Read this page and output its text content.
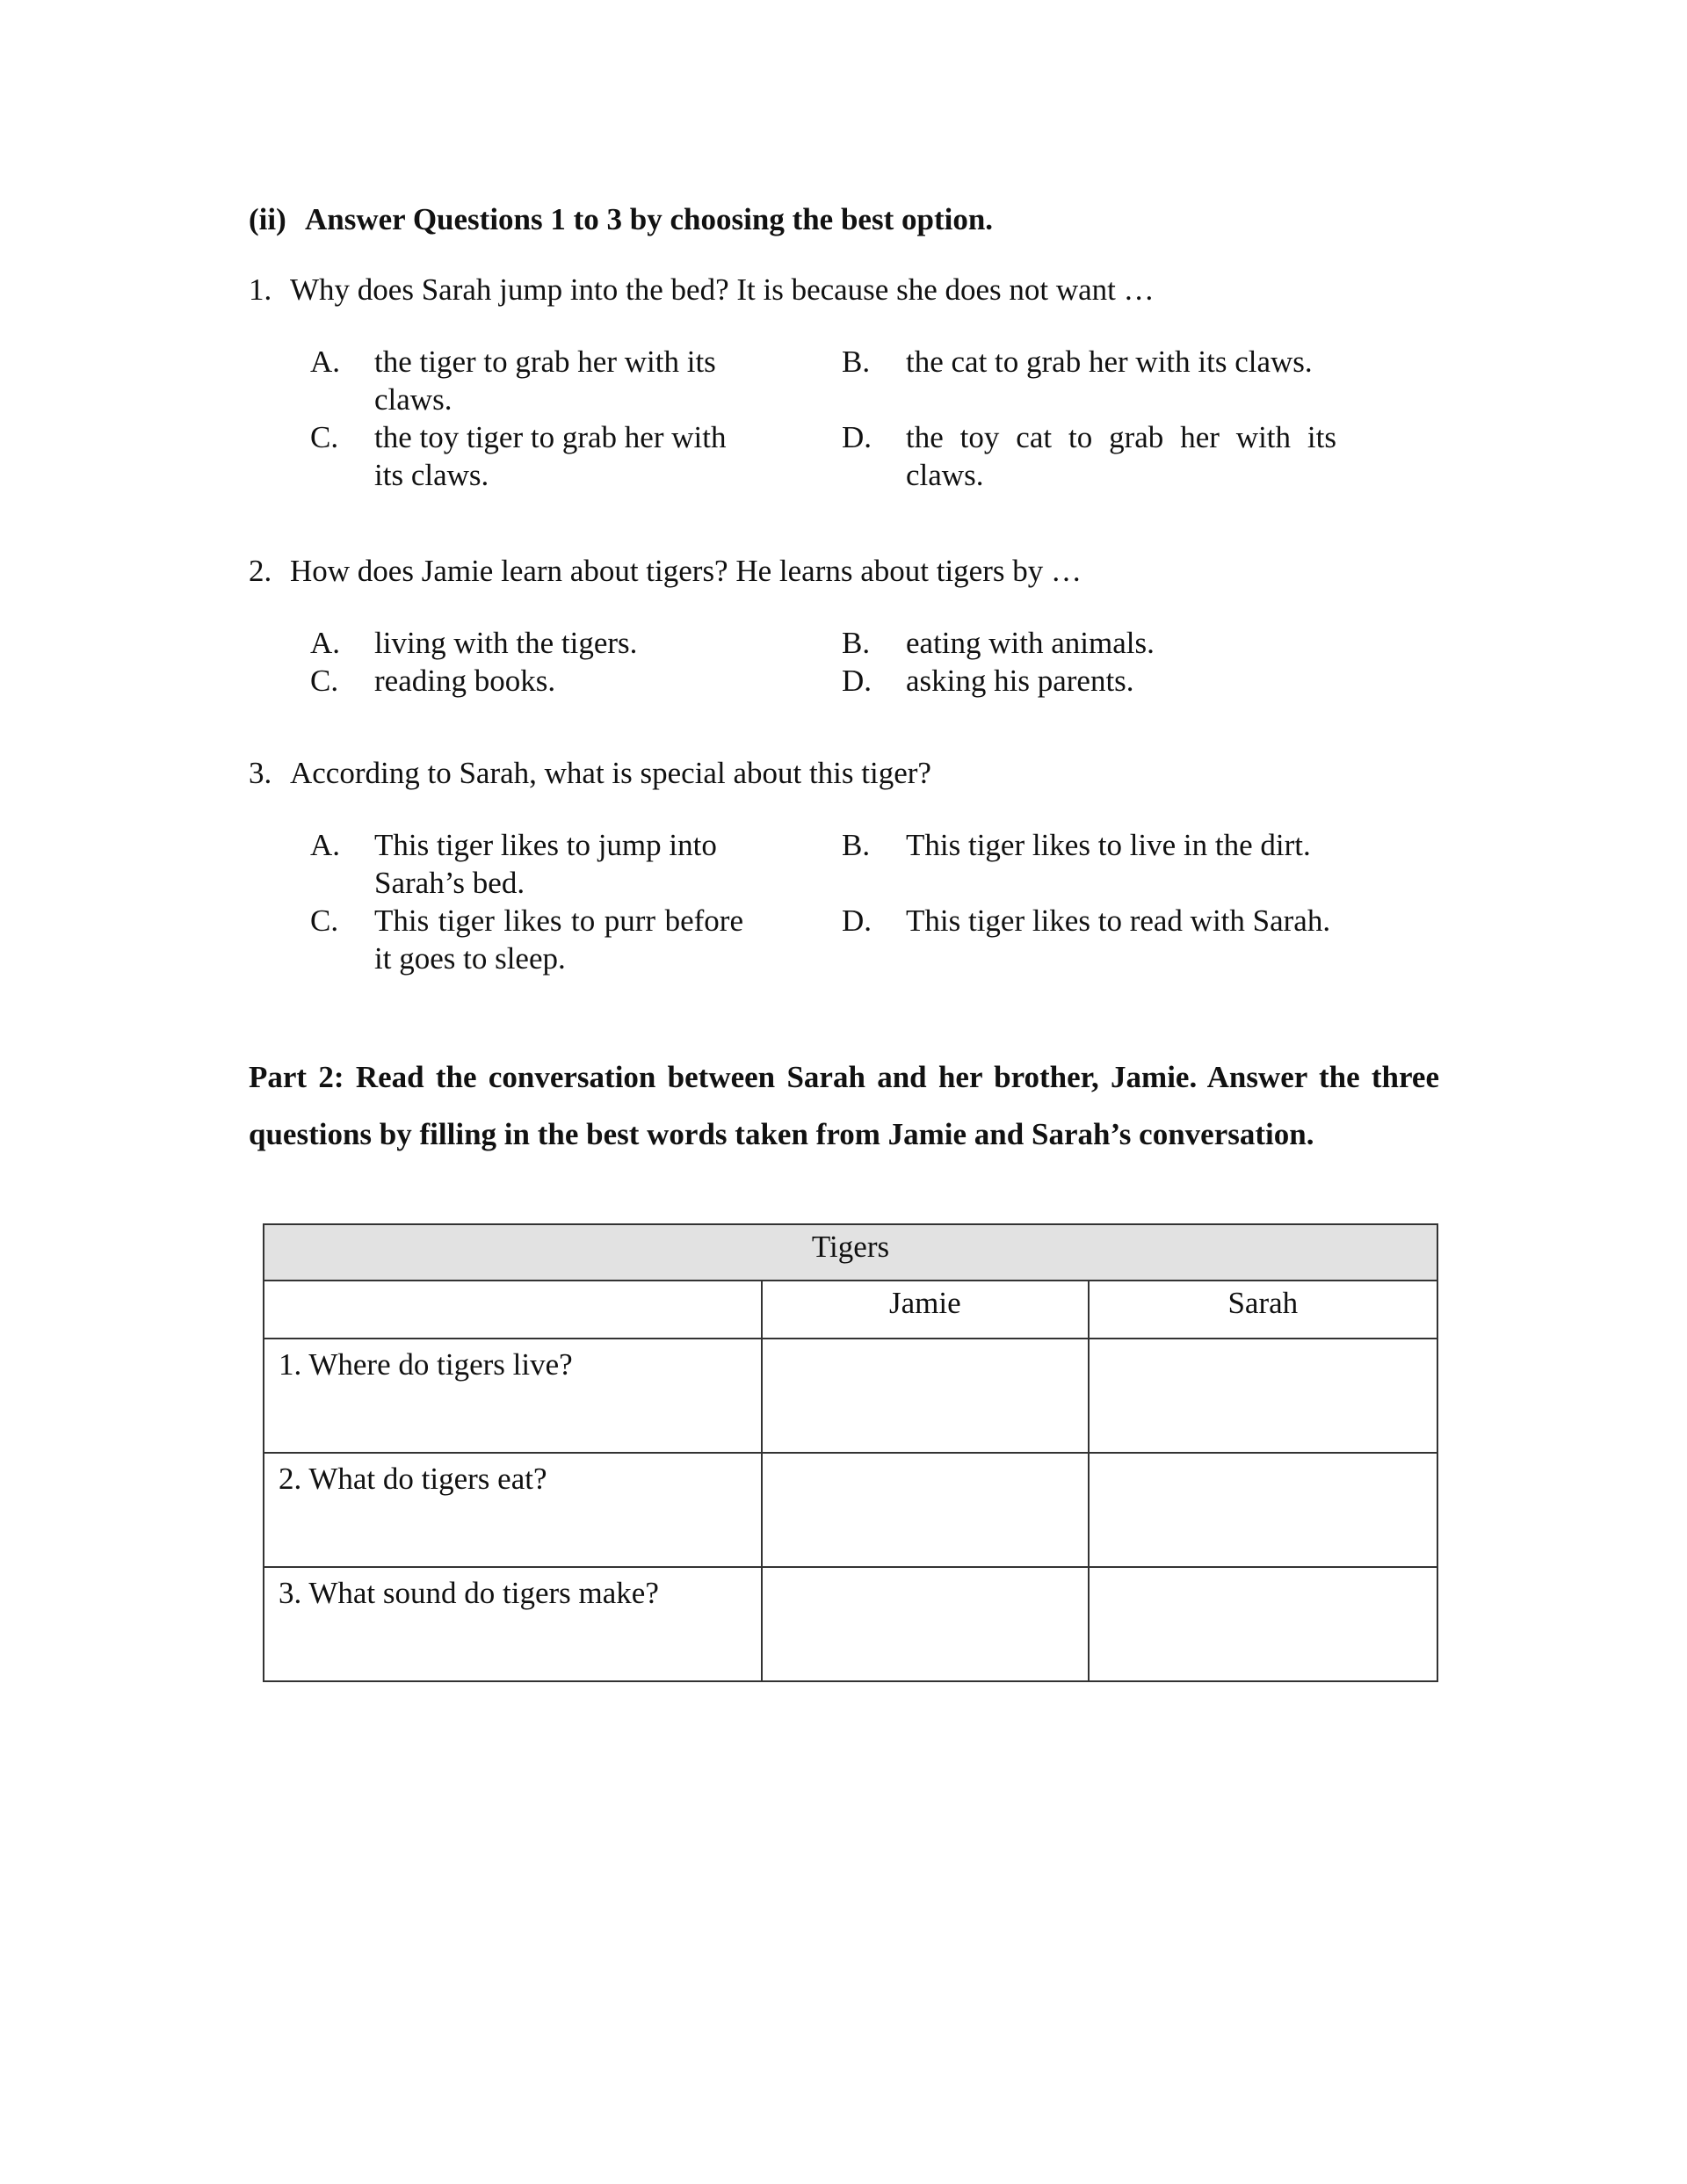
(ii) Answer Questions 1 to 3 by choosing the best option.
1. Why does Sarah jump into the bed? It is because she does not want …
A. the tiger to grab her with its claws.
B. the cat to grab her with its claws.
C. the toy tiger to grab her with its claws.
D. the toy cat to grab her with its claws.
2. How does Jamie learn about tigers? He learns about tigers by …
A. living with the tigers.	B. eating with animals.
C. reading books.	D. asking his parents.
3. According to Sarah, what is special about this tiger?
A. This tiger likes to jump into Sarah’s bed.
B. This tiger likes to live in the dirt.
C. This tiger likes to purr before it goes to sleep.
D. This tiger likes to read with Sarah.
Part 2: Read the conversation between Sarah and her brother, Jamie. Answer the three questions by filling in the best words taken from Jamie and Sarah’s conversation.
Tigers		
	Jamie	Sarah
1. Where do tigers live?		
2. What do tigers eat?		
3. What sound do tigers make?		
